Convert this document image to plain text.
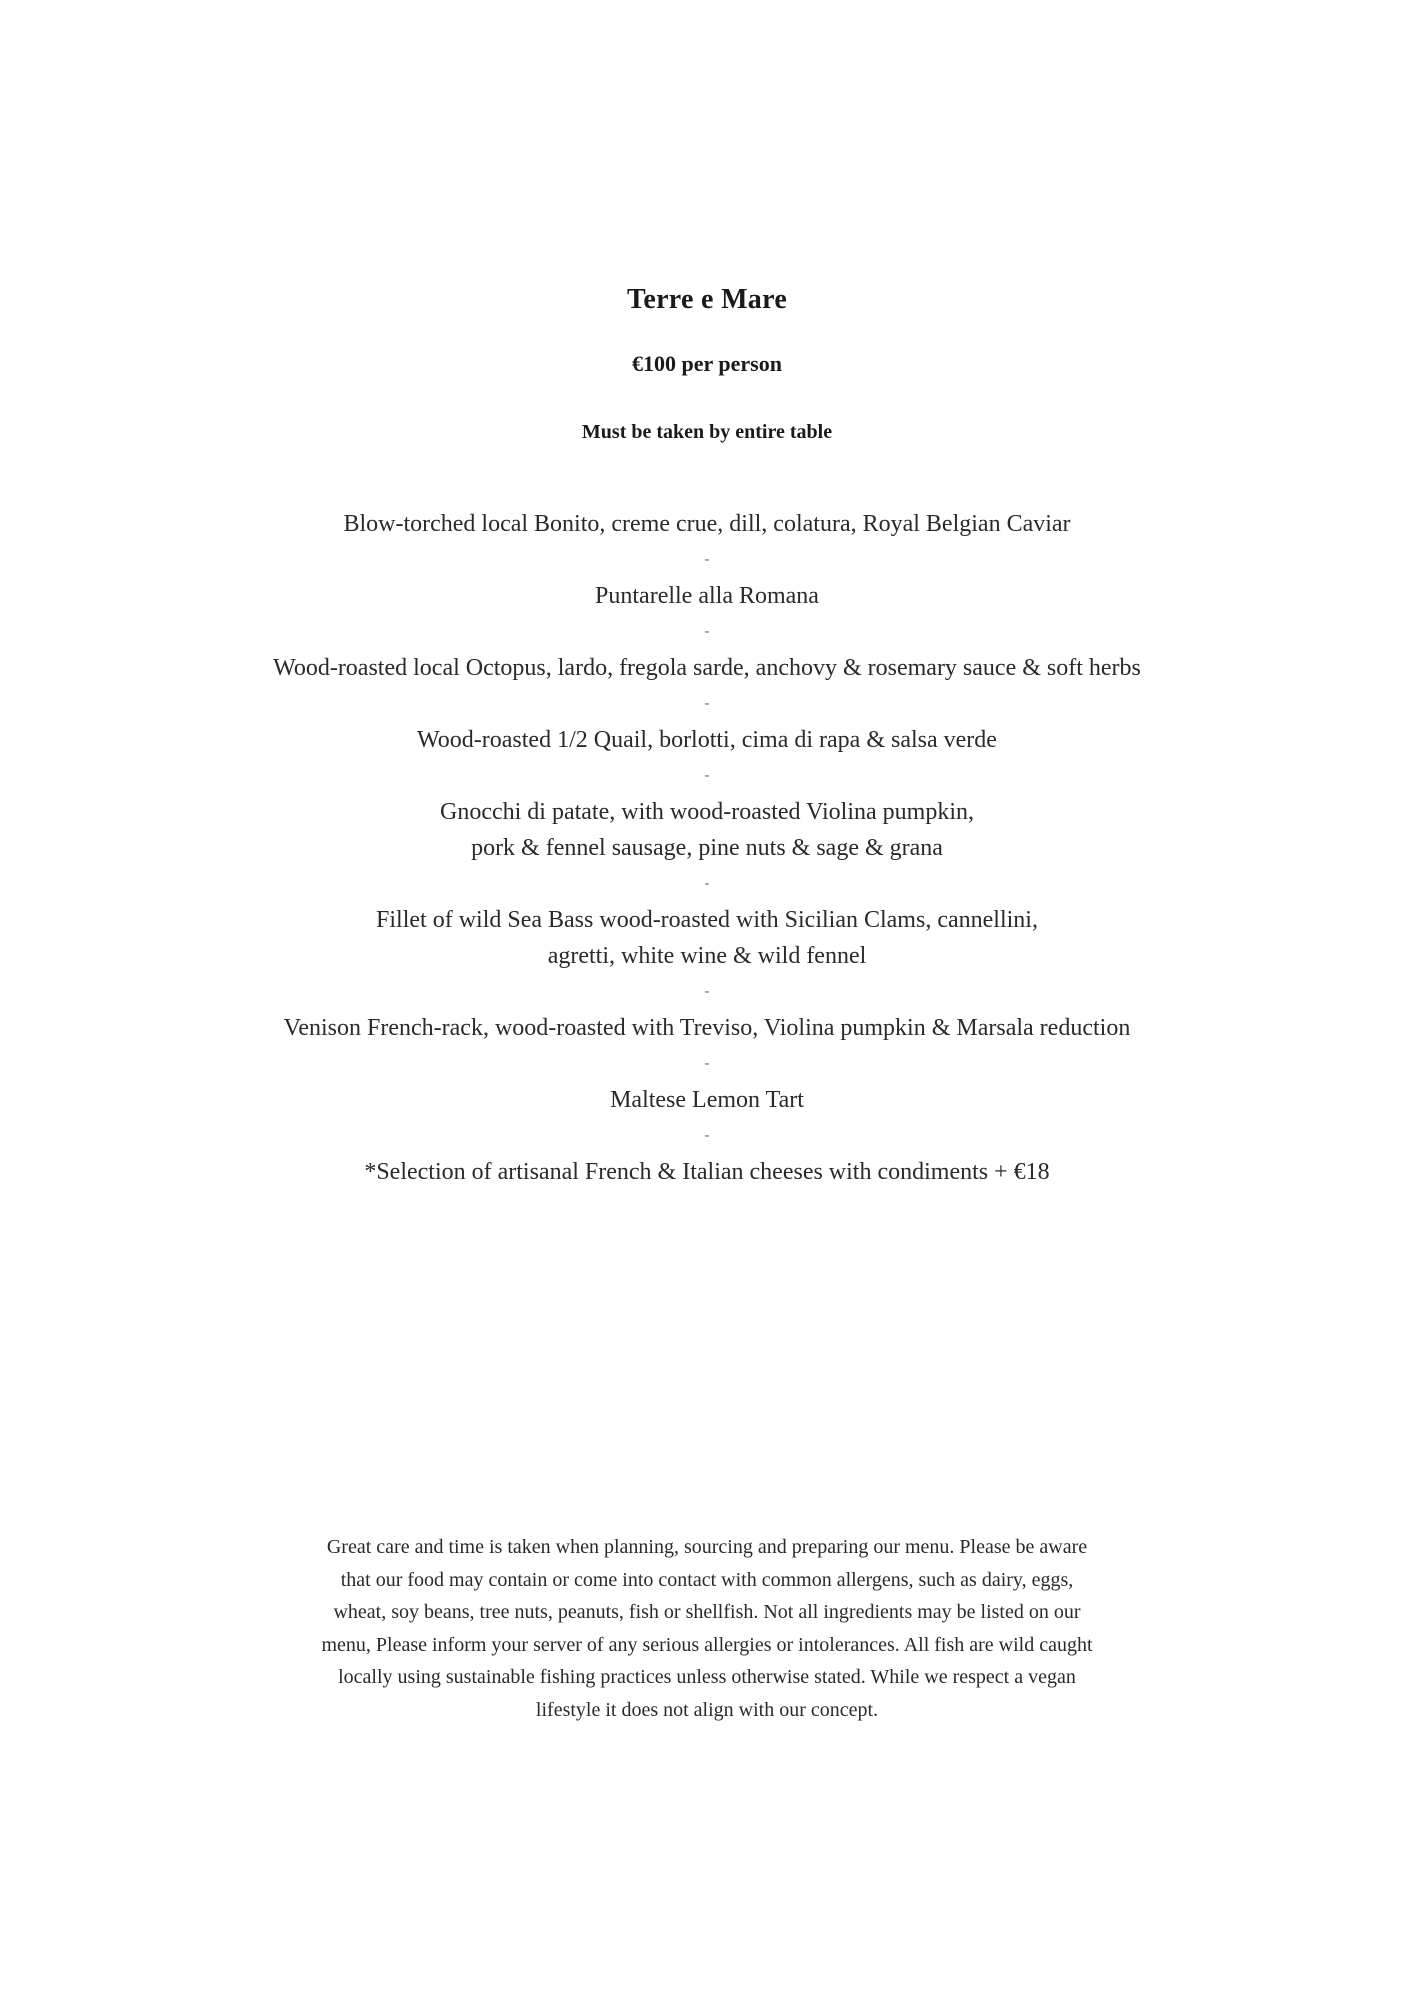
Terre e Mare
€100 per person
Must be taken by entire table
Blow-torched local Bonito, creme crue, dill, colatura, Royal Belgian Caviar
-
Puntarelle alla Romana
-
Wood-roasted local Octopus, lardo, fregola sarde, anchovy & rosemary sauce & soft herbs
-
Wood-roasted 1/2 Quail, borlotti, cima di rapa & salsa verde
-
Gnocchi di patate, with wood-roasted Violina pumpkin,
pork & fennel sausage, pine nuts & sage & grana
-
Fillet of wild Sea Bass wood-roasted with Sicilian Clams, cannellini,
agretti, white wine & wild fennel
-
Venison French-rack, wood-roasted with Treviso, Violina pumpkin & Marsala reduction
-
Maltese Lemon Tart
-
*Selection of artisanal French & Italian cheeses with condiments + €18
Great care and time is taken when planning, sourcing and preparing our menu. Please be aware
that our food may contain or come into contact with common allergens, such as dairy, eggs,
wheat, soy beans, tree nuts, peanuts, fish or shellfish. Not all ingredients may be listed on our
menu, Please inform your server of any serious allergies or intolerances. All fish are wild caught
locally using sustainable fishing practices unless otherwise stated. While we respect a vegan
lifestyle it does not align with our concept.
